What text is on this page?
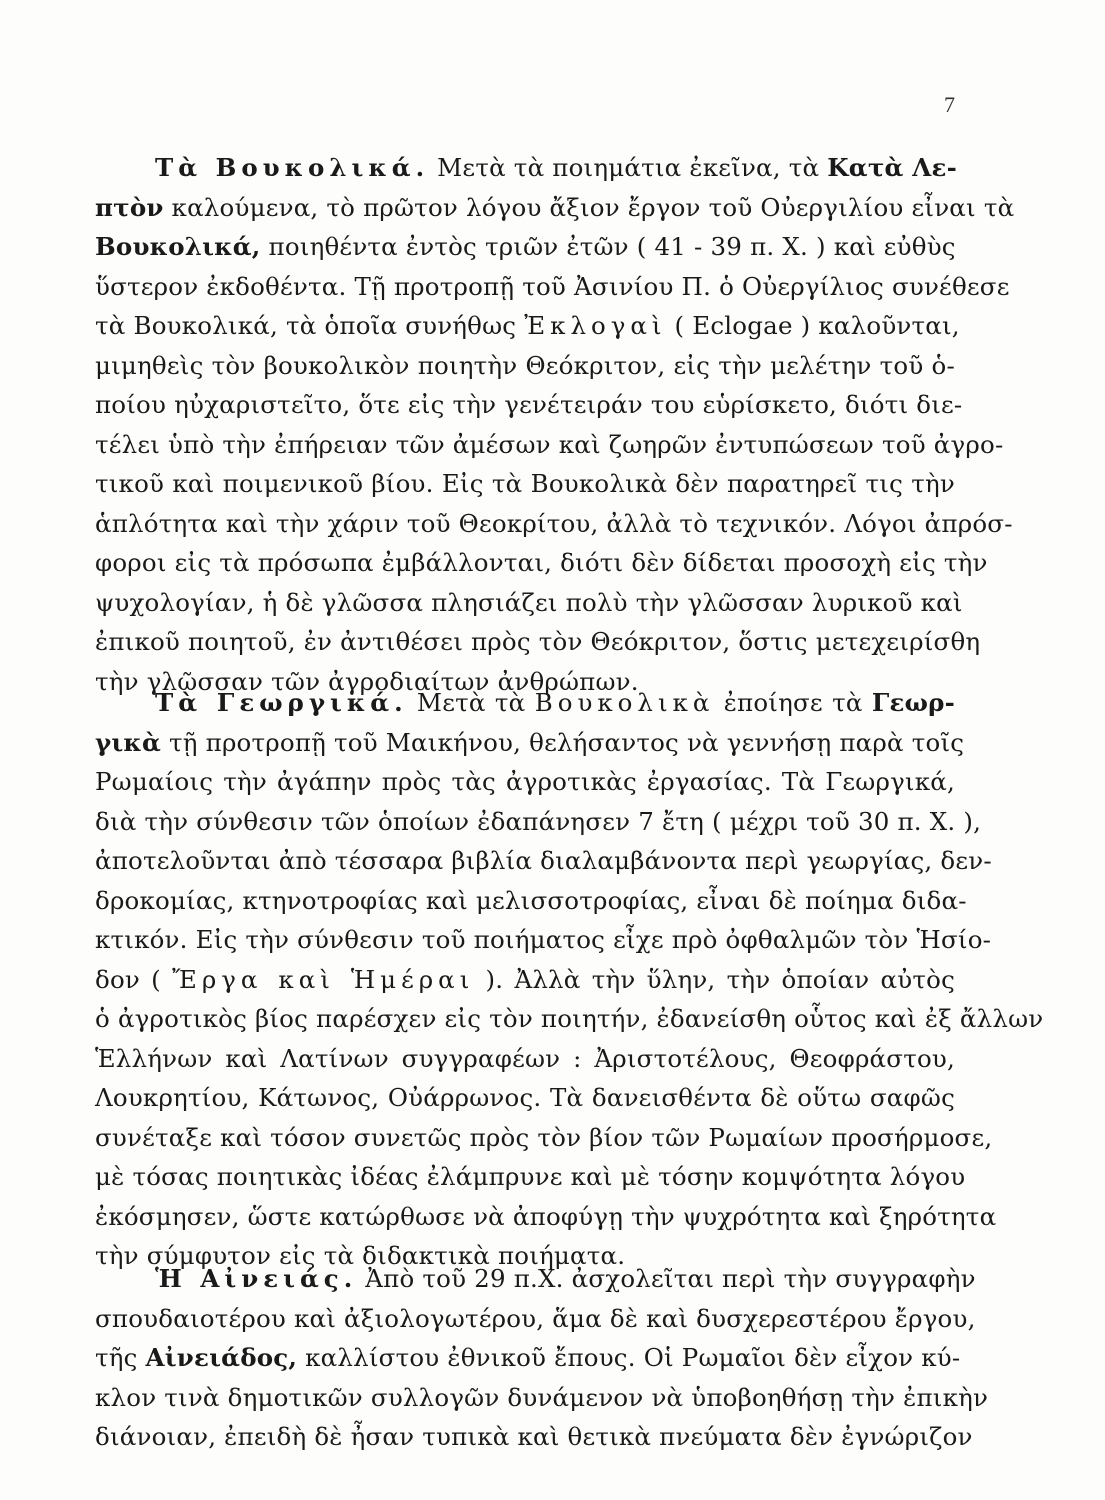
7
Τὰ Βουκολικά. Μετὰ τὰ ποιημάτια ἐκεῖνα, τὰ Κατὰ Λε-
πτὸν καλούμενα, τὸ πρῶτον λόγου ἄξιον ἔργον τοῦ Οὐεργιλίου εἶναι τὰ
Βουκολικά, ποιηθέντα ἐντὸς τριῶν ἐτῶν ( 41 - 39 π. Χ. ) καὶ εὐθὺς
ὕστερον ἐκδοθέντα. Τῇ προτροπῇ τοῦ Ἀσινίου Π. ὁ Οὐεργίλιος συνέθεσε
τὰ Βουκολικά, τὰ ὁποῖα συνήθως Ἐκλογαὶ ( Eclogae ) καλοῦνται,
μιμηθεὶς τὸν βουκολικὸν ποιητὴν Θεόκριτον, εἰς τὴν μελέτην τοῦ ὁ-
ποίου ηὐχαριστεῖτο, ὅτε εἰς τὴν γενέτειράν του εὑρίσκετο, διότι διε-
τέλει ὑπὸ τὴν ἐπήρειαν τῶν ἀμέσων καὶ ζωηρῶν ἐντυπώσεων τοῦ ἀγρο-
τικοῦ καὶ ποιμενικοῦ βίου. Εἰς τὰ Βουκολικὰ δὲν παρατηρεῖ τις τὴν
ἁπλότητα καὶ τὴν χάριν τοῦ Θεοκρίτου, ἀλλὰ τὸ τεχνικόν. Λόγοι ἀπρόσ-
φοροι εἰς τὰ πρόσωπα ἐμβάλλονται, διότι δὲν δίδεται προσοχὴ εἰς τὴν
ψυχολογίαν, ἡ δὲ γλῶσσα πλησιάζει πολὺ τὴν γλῶσσαν λυρικοῦ καὶ
ἐπικοῦ ποιητοῦ, ἐν ἀντιθέσει πρὸς τὸν Θεόκριτον, ὅστις μετεχειρίσθη
τὴν γλῶσσαν τῶν ἀγροδιαίτων ἀνθρώπων.
Τὰ Γεωργικά. Μετὰ τὰ Βουκολικὰ ἐποίησε τὰ Γεωρ-
γικὰ τῇ προτροπῇ τοῦ Μαικήνου, θελήσαντος νὰ γεννήσῃ παρὰ τοῖς
Ρωμαίοις τὴν ἀγάπην πρὸς τὰς ἀγροτικὰς ἐργασίας. Τὰ Γεωργικά,
διὰ τὴν σύνθεσιν τῶν ὁποίων ἐδαπάνησεν 7 ἔτη ( μέχρι τοῦ 30 π. Χ. ),
ἀποτελοῦνται ἀπὸ τέσσαρα βιβλία διαλαμβάνοντα περὶ γεωργίας, δεν-
δροκομίας, κτηνοτροφίας καὶ μελισσοτροφίας, εἶναι δὲ ποίημα διδα-
κτικόν. Εἰς τὴν σύνθεσιν τοῦ ποιήματος εἶχε πρὸ ὀφθαλμῶν τὸν Ἡσίο-
δον ( Ἔργα καὶ Ἡμέραι ). Ἀλλὰ τὴν ὕλην, τὴν ὁποίαν αὐτὸς
ὁ ἀγροτικὸς βίος παρέσχεν εἰς τὸν ποιητήν, ἐδανείσθη οὗτος καὶ ἐξ ἄλλων
Ἑλλήνων καὶ Λατίνων συγγραφέων : Ἀριστοτέλους, Θεοφράστου,
Λουκρητίου, Κάτωνος, Οὐάρρωνος. Τὰ δανεισθέντα δὲ οὕτω σαφῶς
συνέταξε καὶ τόσον συνετῶς πρὸς τὸν βίον τῶν Ρωμαίων προσήρμοσε,
μὲ τόσας ποιητικὰς ἰδέας ἐλάμπρυνε καὶ μὲ τόσην κομψότητα λόγου
ἐκόσμησεν, ὥστε κατώρθωσε νὰ ἀποφύγῃ τὴν ψυχρότητα καὶ ξηρότητα
τὴν σύμφυτον εἰς τὰ διδακτικὰ ποιήματα.
Ἡ Αἰνειάς. Ἀπὸ τοῦ 29 π.Χ. ἀσχολεῖται περὶ τὴν συγγραφὴν
σπουδαιοτέρου καὶ ἀξιολογωτέρου, ἅμα δὲ καὶ δυσχερεστέρου ἔργου,
τῆς Αἰνειάδος, καλλίστου ἐθνικοῦ ἔπους. Οἱ Ρωμαῖοι δὲν εἶχον κύ-
κλον τινὰ δημοτικῶν συλλογῶν δυνάμενον νὰ ὑποβοηθήσῃ τὴν ἐπικὴν
διάνοιαν, ἐπειδὴ δὲ ἦσαν τυπικὰ καὶ θετικὰ πνεύματα δὲν ἐγνώριζον
